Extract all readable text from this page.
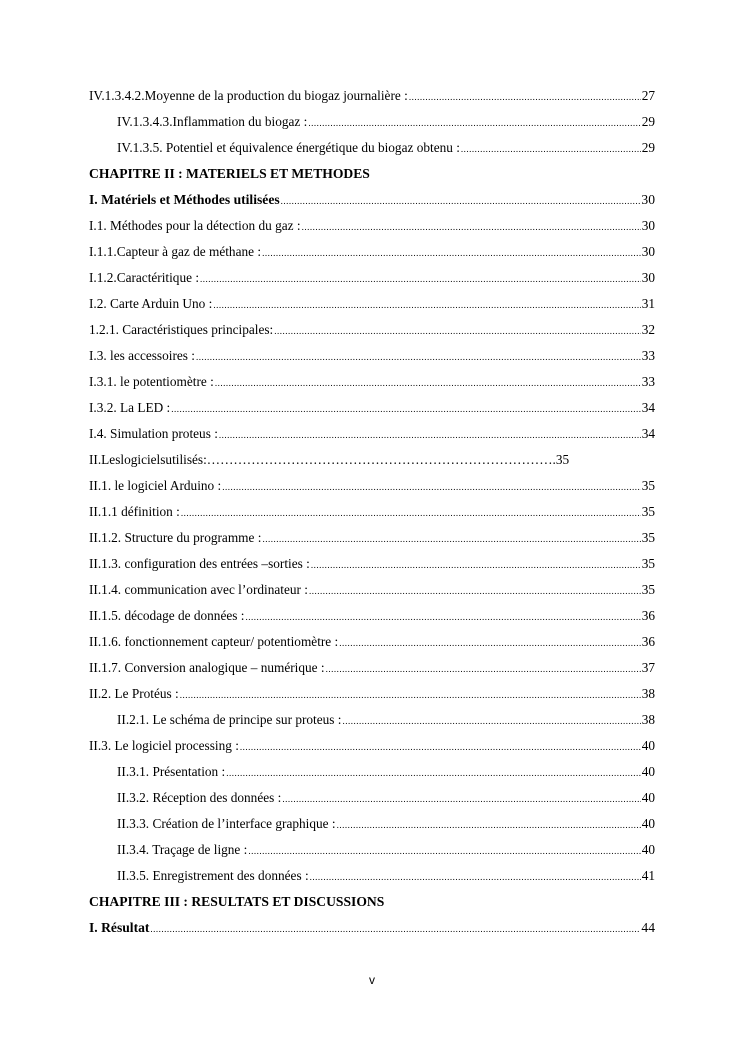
IV.1.3.4.2.Moyenne de la production du biogaz journalière : .....	27
IV.1.3.4.3.Inflammation du biogaz : .....	29
IV.1.3.5. Potentiel et équivalence énergétique du biogaz obtenu : .....	29
CHAPITRE II : MATERIELS ET METHODES
I. Matériels et Méthodes utilisées .....	30
I.1. Méthodes pour la détection du gaz : .....	30
I.1.1.Capteur à gaz de méthane : .....	30
I.1.2.Caractéritique : .....	30
I.2. Carte Arduin Uno : .....	31
1.2.1. Caractéristiques principales: .....	32
I.3. les accessoires : .....	33
I.3.1. le potentiomètre : .....	33
I.3.2. La LED : .....	34
I.4. Simulation proteus : .....	34
II.Leslogicielsutilisés:…………………………………………………………………….35
II.1. le logiciel Arduino : .....	35
II.1.1 définition : .....	35
II.1.2. Structure du programme : .....	35
II.1.3. configuration des entrées –sorties : .....	35
II.1.4. communication avec l’ordinateur : .....	35
II.1.5. décodage de données : .....	36
II.1.6. fonctionnement capteur/ potentiomètre : .....	36
II.1.7. Conversion analogique – numérique : .....	37
II.2. Le Protéus : .....	38
II.2.1. Le schéma de principe sur proteus : .....	38
II.3. Le logiciel processing : .....	40
II.3.1. Présentation : .....	40
II.3.2. Réception des données : .....	40
II.3.3. Création de l’interface graphique : .....	40
II.3.4. Traçage de ligne : .....	40
II.3.5. Enregistrement des données : .....	41
CHAPITRE III : RESULTATS ET DISCUSSIONS
I. Résultat .....	44
v
